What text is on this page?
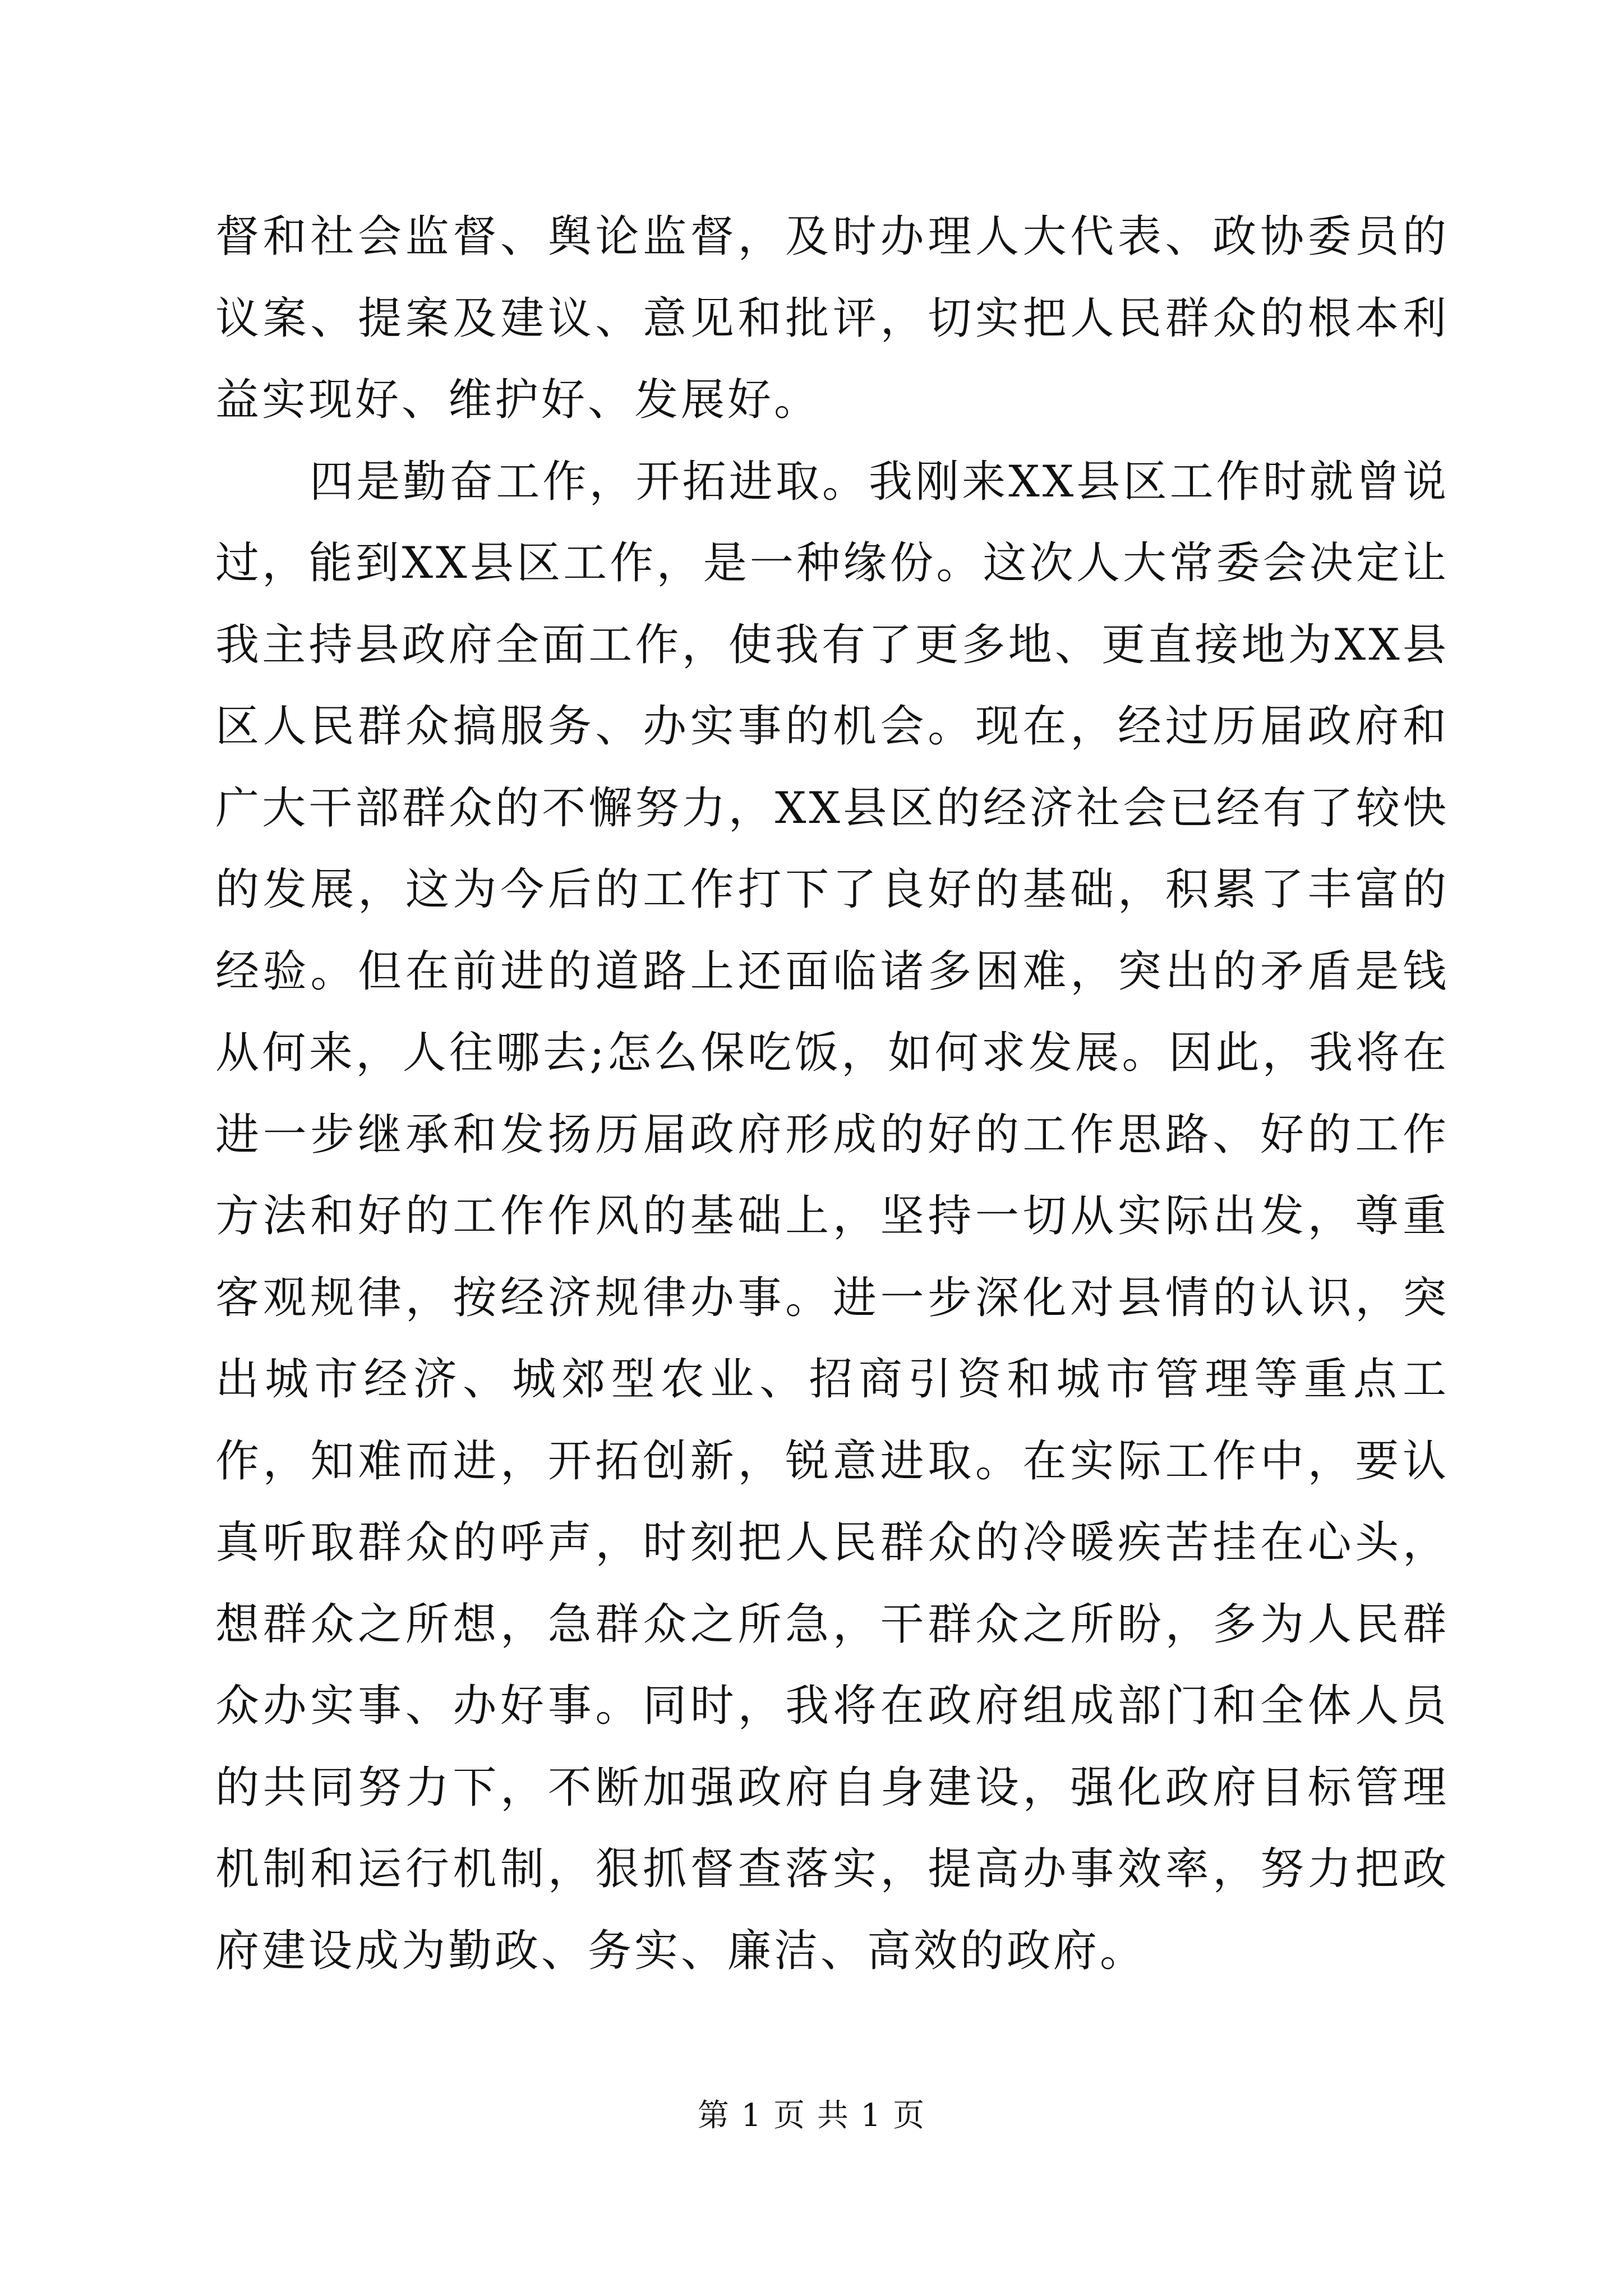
督和社会监督、舆论监督，及时办理人大代表、政协委员的议案、提案及建议、意见和批评，切实把人民群众的根本利益实现好、维护好、发展好。

四是勤奋工作，开拓进取。我刚来XX县区工作时就曾说过，能到XX县区工作，是一种缘份。这次人大常委会决定让我主持县政府全面工作，使我有了更多地、更直接地为XX县区人民群众搞服务、办实事的机会。现在，经过历届政府和广大干部群众的不懈努力，XX县区的经济社会已经有了较快的发展，这为今后的工作打下了良好的基础，积累了丰富的经验。但在前进的道路上还面临诸多困难，突出的矛盾是钱从何来，人往哪去;怎么保吃饭，如何求发展。因此，我将在进一步继承和发扬历届政府形成的好的工作思路、好的工作方法和好的工作作风的基础上，坚持一切从实际出发，尊重客观规律，按经济规律办事。进一步深化对县情的认识，突出城市经济、城郊型农业、招商引资和城市管理等重点工作，知难而进，开拓创新，锐意进取。在实际工作中，要认真听取群众的呼声，时刻把人民群众的冷暖疾苦挂在心头，想群众之所想，急群众之所急，干群众之所盼，多为人民群众办实事、办好事。同时，我将在政府组成部门和全体人员的共同努力下，不断加强政府自身建设，强化政府目标管理机制和运行机制，狠抓督查落实，提高办事效率，努力把政府建设成为勤政、务实、廉洁、高效的政府。

第 1 页 共 1 页
